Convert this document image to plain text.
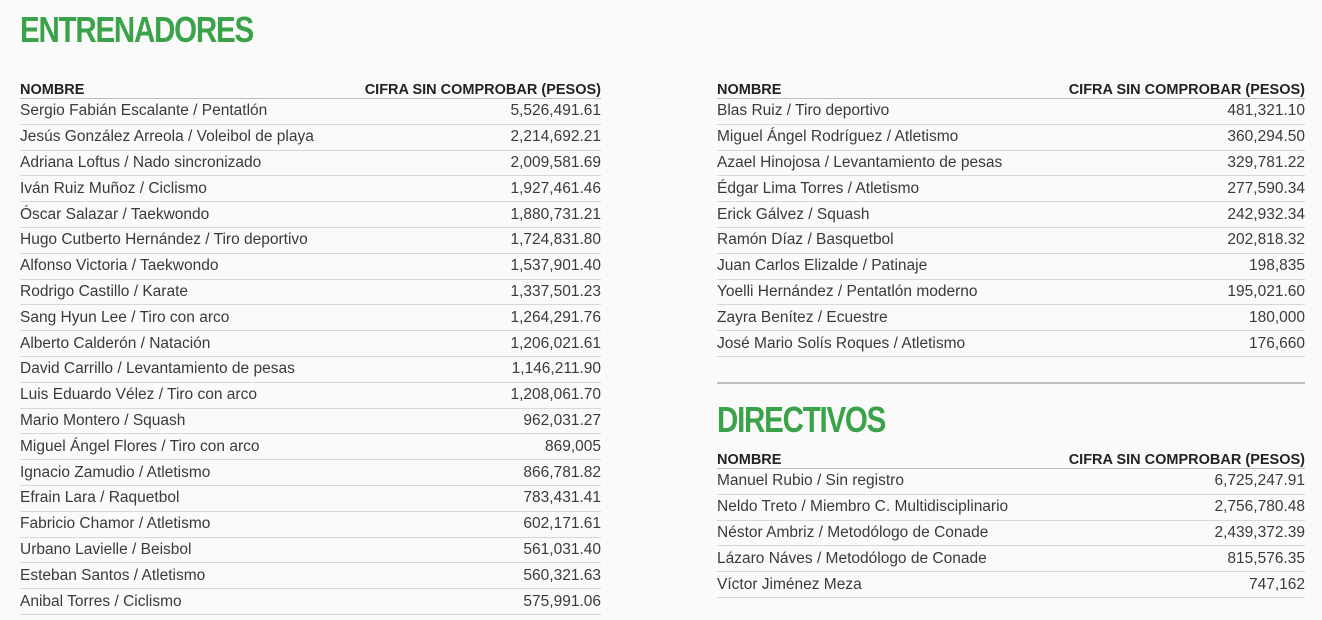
ENTRENADORES
NOMBRE	CIFRA SIN COMPROBAR (PESOS)
Sergio Fabián Escalante / Pentatlón	5,526,491.61
Jesús González Arreola / Voleibol de playa	2,214,692.21
Adriana Loftus / Nado sincronizado	2,009,581.69
Iván Ruiz Muñoz / Ciclismo	1,927,461.46
Óscar Salazar / Taekwondo	1,880,731.21
Hugo Cutberto Hernández / Tiro deportivo	1,724,831.80
Alfonso Victoria / Taekwondo	1,537,901.40
Rodrigo Castillo / Karate	1,337,501.23
Sang Hyun Lee / Tiro con arco	1,264,291.76
Alberto Calderón / Natación	1,206,021.61
David Carrillo / Levantamiento de pesas	1,146,211.90
Luis Eduardo Vélez / Tiro con arco	1,208,061.70
Mario Montero / Squash	962,031.27
Miguel Ángel Flores / Tiro con arco	869,005
Ignacio Zamudio / Atletismo	866,781.82
Efrain Lara / Raquetbol	783,431.41
Fabricio Chamor / Atletismo	602,171.61
Urbano Lavielle / Beisbol	561,031.40
Esteban Santos / Atletismo	560,321.63
Anibal Torres / Ciclismo	575,991.06
NOMBRE	CIFRA SIN COMPROBAR (PESOS)
Blas Ruiz / Tiro deportivo	481,321.10
Miguel Ángel Rodríguez / Atletismo	360,294.50
Azael Hinojosa / Levantamiento de pesas	329,781.22
Édgar Lima Torres / Atletismo	277,590.34
Erick Gálvez / Squash	242,932.34
Ramón Díaz / Basquetbol	202,818.32
Juan Carlos Elizalde / Patinaje	198,835
Yoelli Hernández / Pentatlón moderno	195,021.60
Zayra Benítez / Ecuestre	180,000
José Mario Solís Roques / Atletismo	176,660
DIRECTIVOS
NOMBRE	CIFRA SIN COMPROBAR (PESOS)
Manuel Rubio / Sin registro	6,725,247.91
Neldo Treto / Miembro C. Multidisciplinario	2,756,780.48
Néstor Ambriz / Metodólogo de Conade	2,439,372.39
Lázaro Náves / Metodólogo de Conade	815,576.35
Víctor Jiménez Meza	747,162
